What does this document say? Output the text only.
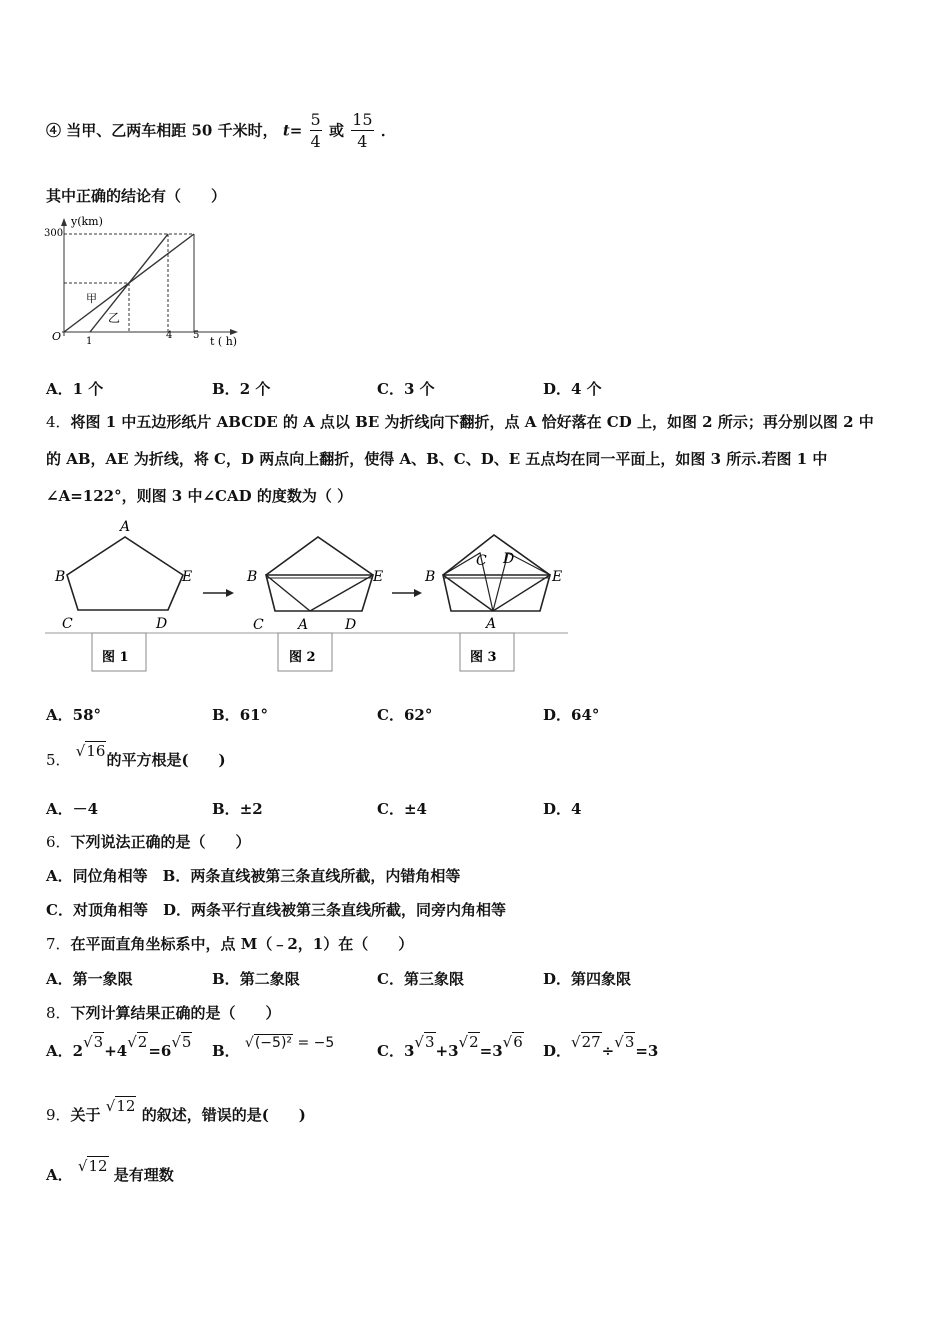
④ 当甲、乙两车相距 50 千米时， $t= \frac{5}{4}$ 或 $\frac{15}{4}$ ．
其中正确的结论有（　　）
y(km)
t ( h)
O
300
1
4 5
甲
乙
A．1 个	B．2 个	C．3 个	D．4 个
4．将图 1 中五边形纸片 ABCDE 的 A 点以 BE 为折线向下翻折，点 A 恰好落在 CD 上，如图 2 所示；再分别以图 2 中
的 AB，AE 为折线，将 C，D 两点向上翻折，使得 A、B、C、D、E 五点均在同一平面上，如图 3 所示.若图 1 中
∠A=122°，则图 3 中∠CAD 的度数为（ ）
A
B	E
C	D
B	E
C A	D
B	E
C D
A
图 1	图 2	图 3
A．58°	B．61°	C．62°	D．64°
5． √16的平方根是(　　)
A．－4	B．±2	C．±4	D．4
6．下列说法正确的是（　　）
A．同位角相等　B．两条直线被第三条直线所截，内错角相等
C．对顶角相等　D．两条平行直线被第三条直线所截，同旁内角相等
7．在平面直角坐标系中，点 M（﹣2，1）在（　　）
A．第一象限	B．第二象限	C．第三象限	D．第四象限
8．下列计算结果正确的是（　　）
A．2√3+4√2=6√5 B． √(−5)² = −5	C．3√3+3√2=3√6 D．√27÷√3=3
9．关于 √12 的叙述，错误的是(　　)
A． √12 是有理数
